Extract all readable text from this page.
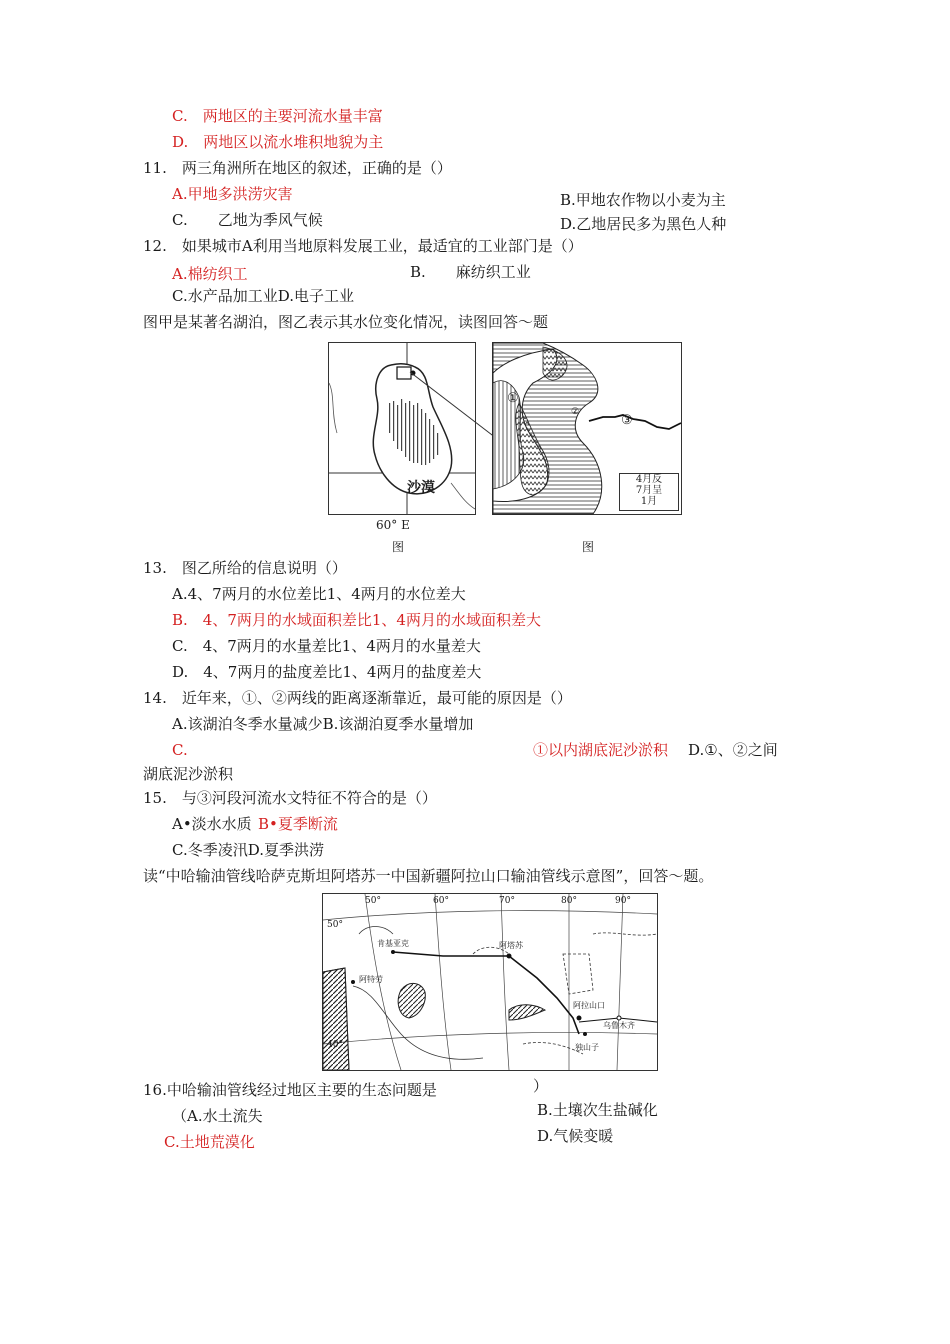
C.　两地区的主要河流水量丰富
D.　两地区以流水堆积地貌为主
11.　两三角洲所在地区的叙述，正确的是（）
A.甲地多洪涝灾害	B.甲地农作物以小麦为主
C.　　乙地为季风气候	D.乙地居民多为黑色人种
12.　如果城市A利用当地原料发展工业，最适宜的工业部门是（）
A.棉纺织工	B.　　麻纺织工业
C.水产品加工业D.电子工业
图甲是某著名湖泊，图乙表示其水位变化情况，读图回答～题
沙漠
60° E
图
①
②
③
4月反
7月呈
1月
图
13.　图乙所给的信息说明（）
A.4、7两月的水位差比1、4两月的水位差大
B.　4、7两月的水域面积差比1、4两月的水域面积差大
C.　4、7两月的水量差比1、4两月的水量差大
D.　4、7两月的盐度差比1、4两月的盐度差大
14.　近年来，①、②两线的距离逐渐靠近，最可能的原因是（）
A.该湖泊冬季水量减少B.该湖泊夏季水量增加
C.	①以内湖底泥沙淤积 D.①、②之间
湖底泥沙淤积
15.　与③河段河流水文特征不符合的是（）
A•淡水水质 B•夏季断流
C.冬季凌汛D.夏季洪涝
读“中哈输油管线哈萨克斯坦阿塔苏一中国新疆阿拉山口输油管线示意图”，回答～题。
50°	60°	70°	80°	90°
50°
40°
肯基亚克	阿塔苏
阿特劳
阿拉山口
乌鲁木齐
独山子
16.中哈输油管线经过地区主要的生态问题是	）
（A.水土流失	B.土壤次生盐碱化
C.土地荒漠化	D.气候变暖
